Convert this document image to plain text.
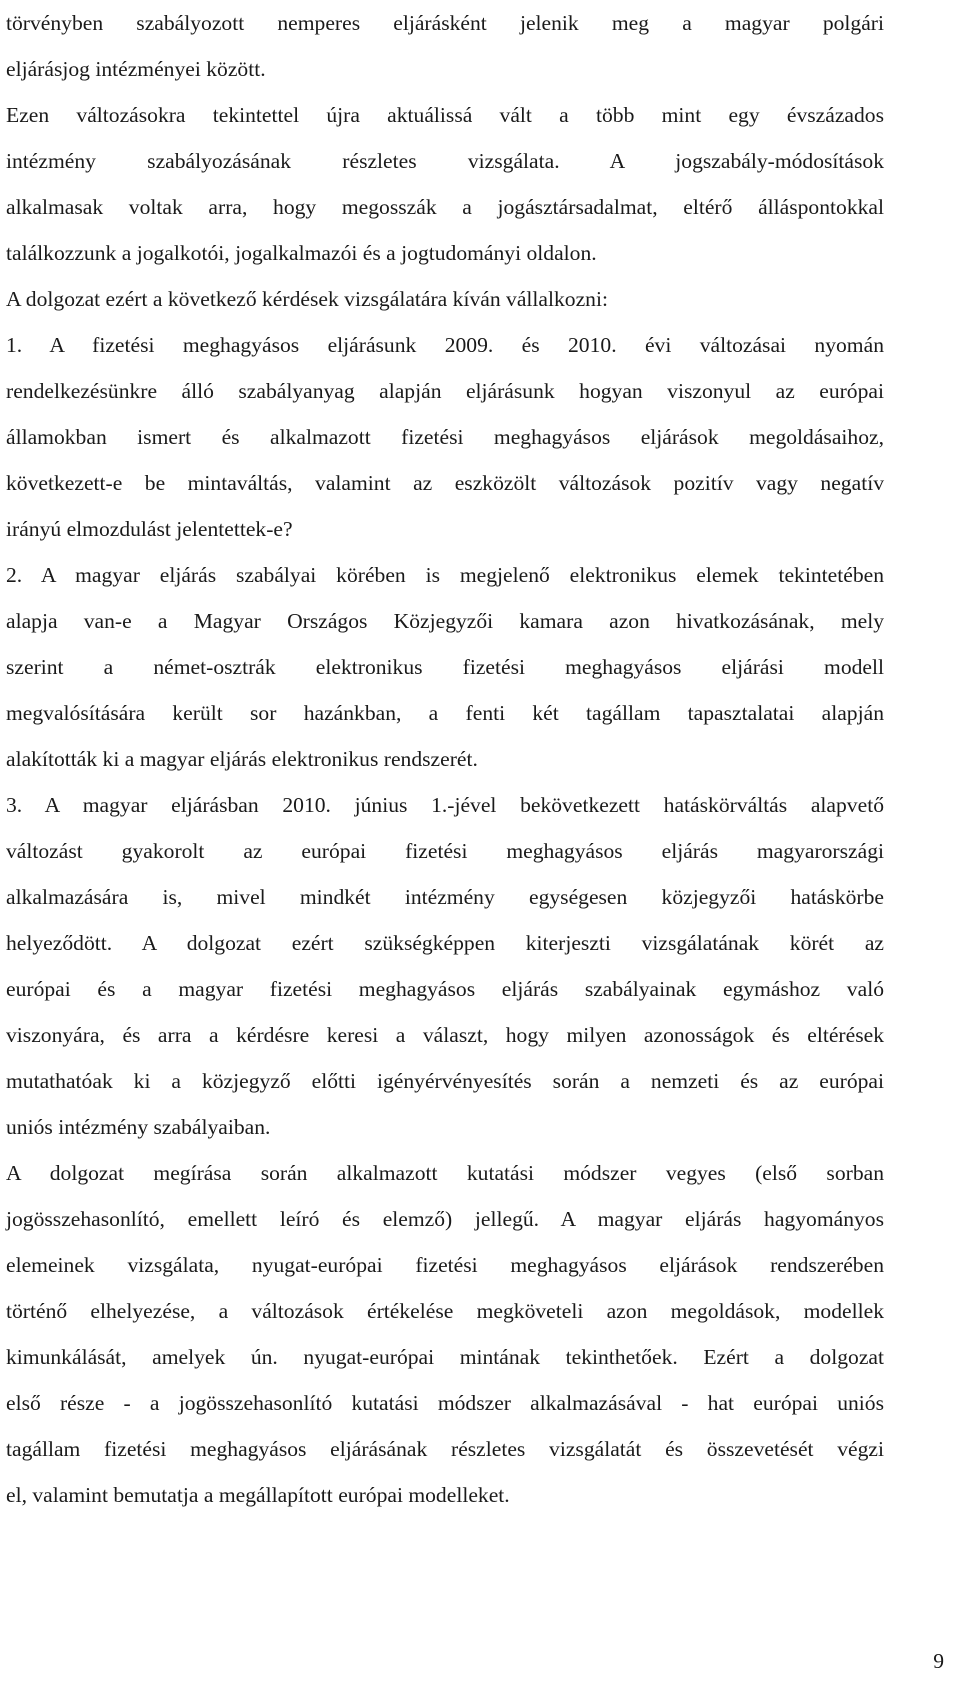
törvényben szabályozott nemperes eljárásként jelenik meg a magyar polgári

eljárásjog intézményei között.

Ezen változásokra tekintettel újra aktuálissá vált a több mint egy évszázados

intézmény szabályozásának részletes vizsgálata. A jogszabály-módosítások

alkalmasak voltak arra, hogy megosszák a jogásztársadalmat, eltérő álláspontokkal

találkozzunk a jogalkotói, jogalkalmazói és a jogtudományi oldalon.

A dolgozat ezért a következő kérdések vizsgálatára kíván vállalkozni:

1. A fizetési meghagyásos eljárásunk 2009. és 2010. évi változásai nyomán

rendelkezésünkre álló szabályanyag alapján eljárásunk hogyan viszonyul az európai

államokban ismert és alkalmazott fizetési meghagyásos eljárások megoldásaihoz,

következett-e be mintaváltás, valamint az eszközölt változások pozitív vagy negatív

irányú elmozdulást jelentettek-e?

2. A magyar eljárás szabályai körében is megjelenő elektronikus elemek tekintetében

alapja van-e a Magyar Országos Közjegyzői kamara azon hivatkozásának, mely

szerint a német-osztrák elektronikus fizetési meghagyásos eljárási modell

megvalósítására került sor hazánkban, a fenti két tagállam tapasztalatai alapján

alakították ki a magyar eljárás elektronikus rendszerét.

3. A magyar eljárásban 2010. június 1.-jével bekövetkezett hatáskörváltás alapvető

változást gyakorolt az európai fizetési meghagyásos eljárás magyarországi

alkalmazására is, mivel mindkét intézmény egységesen közjegyzői hatáskörbe

helyeződött. A dolgozat ezért szükségképpen kiterjeszti vizsgálatának körét az

európai és a magyar fizetési meghagyásos eljárás szabályainak egymáshoz való

viszonyára, és arra a kérdésre keresi a választ, hogy milyen azonosságok és eltérések

mutathatóak ki a közjegyző előtti igényérvényesítés során a nemzeti és az európai

uniós intézmény szabályaiban.

A dolgozat megírása során alkalmazott kutatási módszer vegyes (első sorban

jogösszehasonlító, emellett leíró és elemző) jellegű. A magyar eljárás hagyományos

elemeinek vizsgálata, nyugat-európai fizetési meghagyásos eljárások rendszerében

történő elhelyezése, a változások értékelése megköveteli azon megoldások, modellek

kimunkálását, amelyek ún. nyugat-európai mintának tekinthetőek. Ezért a dolgozat

első része - a jogösszehasonlító kutatási módszer alkalmazásával - hat európai uniós

tagállam fizetési meghagyásos eljárásának részletes vizsgálatát és összevetését végzi

el, valamint bemutatja a megállapított európai modelleket.

9
